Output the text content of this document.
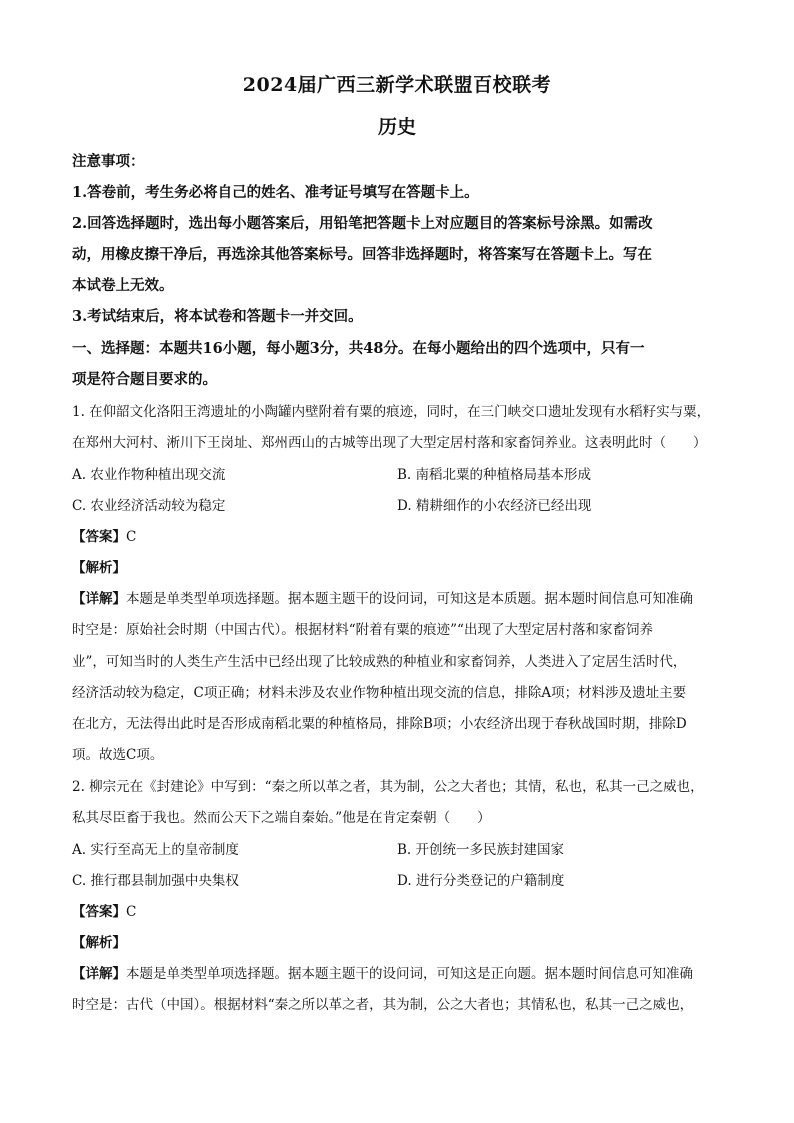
2024届广西三新学术联盟百校联考
历史
注意事项：
1.答卷前，考生务必将自己的姓名、准考证号填写在答题卡上。
2.回答选择题时，选出每小题答案后，用铅笔把答题卡上对应题目的答案标号涂黑。如需改
动，用橡皮擦干净后，再选涂其他答案标号。回答非选择题时，将答案写在答题卡上。写在
本试卷上无效。
3.考试结束后，将本试卷和答题卡一并交回。
一、选择题：本题共16小题，每小题3分，共48分。在每小题给出的四个选项中，只有一
项是符合题目要求的。
1. 在仰韶文化洛阳王湾遗址的小陶罐内壁附着有粟的痕迹，同时，在三门峡交口遗址发现有水稻籽实与粟，
在郑州大河村、淅川下王岗址、郑州西山的古城等出现了大型定居村落和家畜饲养业。这表明此时（　　）
A. 农业作物种植出现交流	B. 南稻北粟的种植格局基本形成
C. 农业经济活动较为稳定	D. 精耕细作的小农经济已经出现
【答案】C
【解析】
【详解】本题是单类型单项选择题。据本题主题干的设问词，可知这是本质题。据本题时间信息可知准确
时空是：原始社会时期（中国古代）。根据材料“附着有粟的痕迹”“出现了大型定居村落和家畜饲养
业”，可知当时的人类生产生活中已经出现了比较成熟的种植业和家畜饲养，人类进入了定居生活时代，
经济活动较为稳定，C项正确；材料未涉及农业作物种植出现交流的信息，排除A项；材料涉及遗址主要
在北方，无法得出此时是否形成南稻北粟的种植格局，排除B项；小农经济出现于春秋战国时期，排除D
项。故选C项。
2. 柳宗元在《封建论》中写到：“秦之所以革之者，其为制，公之大者也；其情，私也，私其一己之威也，
私其尽臣畜于我也。然而公天下之端自秦始。”他是在肯定秦朝（　　）
A. 实行至高无上的皇帝制度	B. 开创统一多民族封建国家
C. 推行郡县制加强中央集权	D. 进行分类登记的户籍制度
【答案】C
【解析】
【详解】本题是单类型单项选择题。据本题主题干的设问词，可知这是正向题。据本题时间信息可知准确
时空是：古代（中国）。根据材料“秦之所以革之者，其为制，公之大者也；其情私也，私其一己之威也，
